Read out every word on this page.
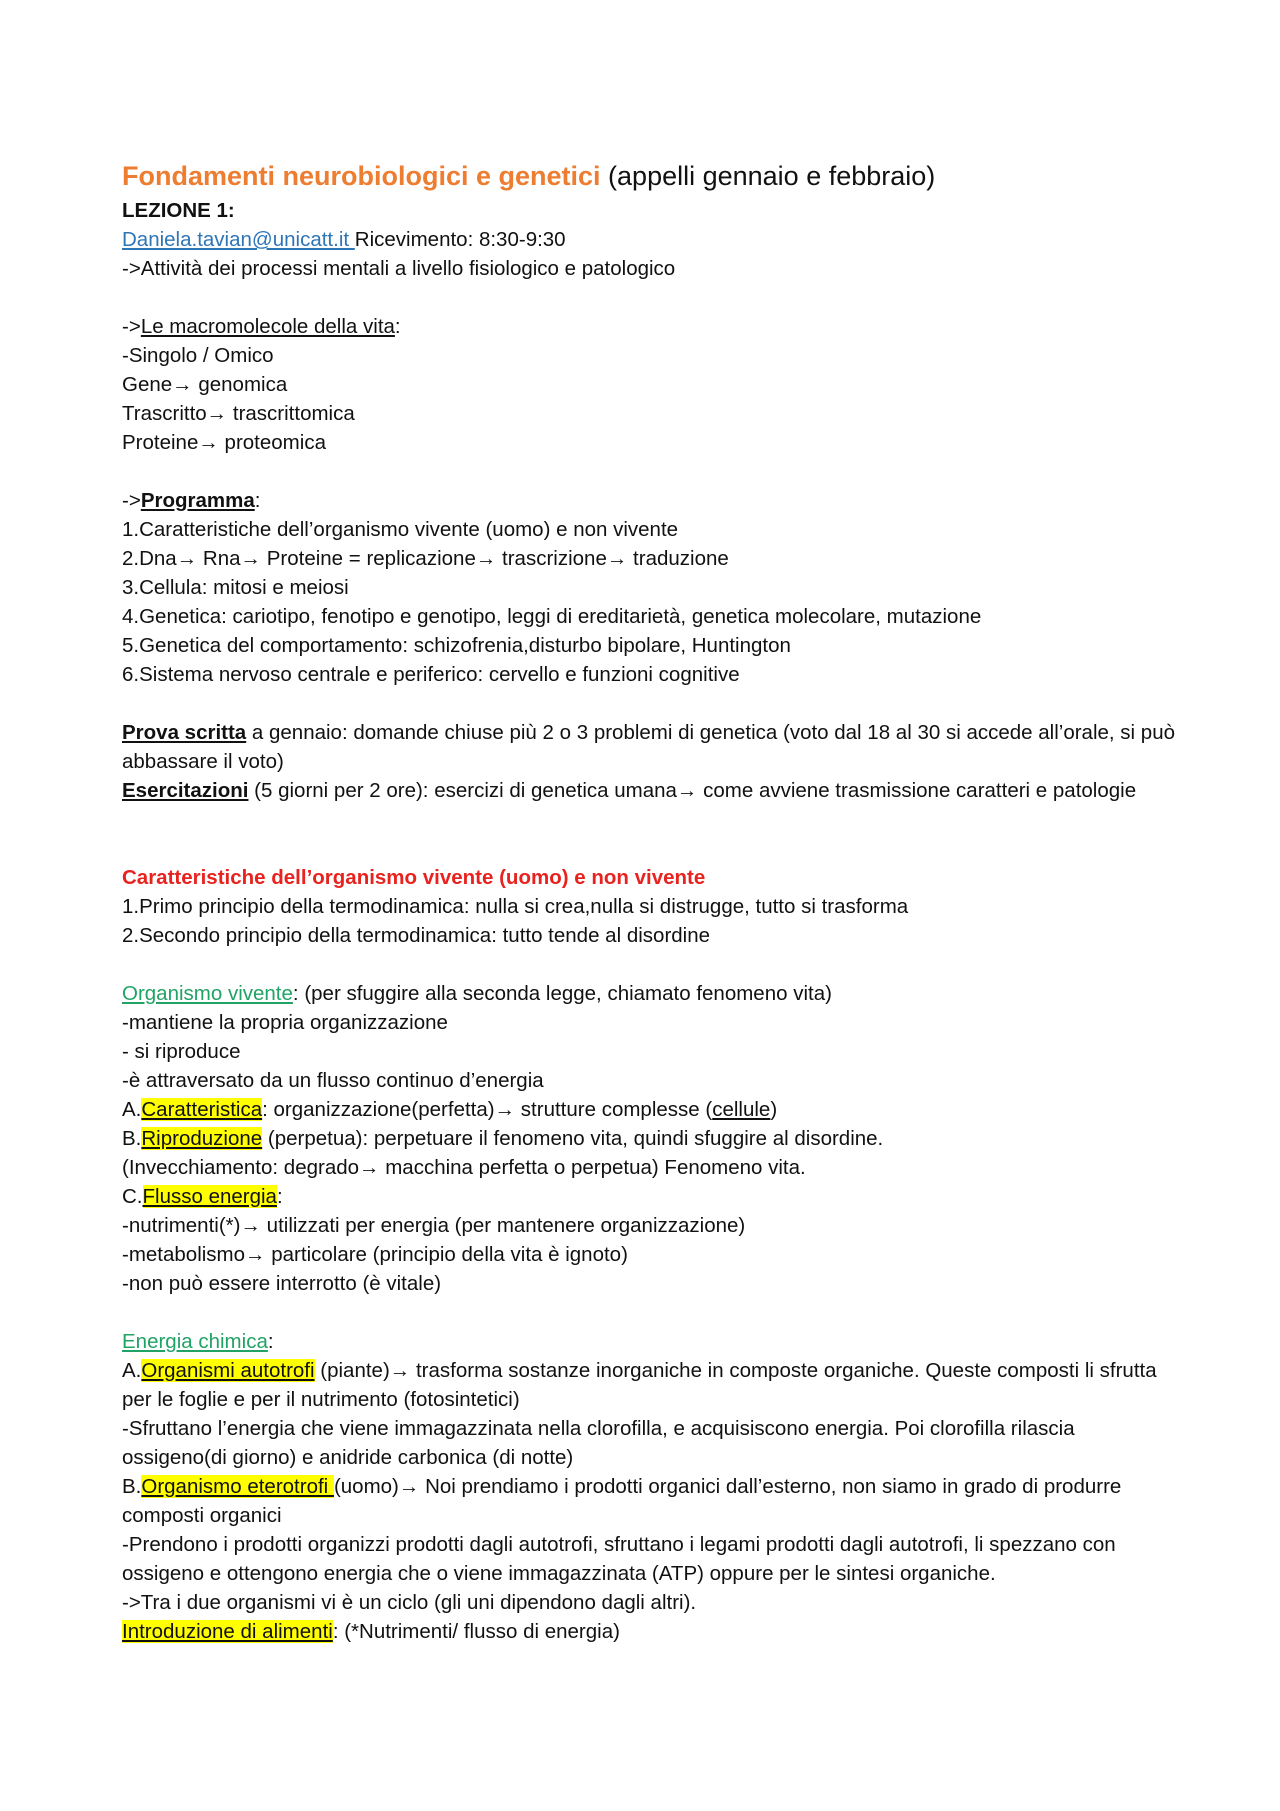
Fondamenti neurobiologici e genetici (appelli gennaio e febbraio)

LEZIONE 1:

Daniela.tavian@unicatt.it Ricevimento: 8:30-9:30

->Attività dei processi mentali a livello fisiologico e patologico

->Le macromolecole della vita:

-Singolo / Omico

Gene→ genomica

Trascritto→ trascrittomica

Proteine→ proteomica

->Programma:

1.Caratteristiche dell’organismo vivente (uomo) e non vivente

2.Dna→ Rna→ Proteine = replicazione→ trascrizione→ traduzione

3.Cellula: mitosi e meiosi

4.Genetica: cariotipo, fenotipo e genotipo, leggi di ereditarietà, genetica molecolare, mutazione

5.Genetica del comportamento: schizofrenia,disturbo bipolare, Huntington

6.Sistema nervoso centrale e periferico: cervello e funzioni cognitive

Prova scritta a gennaio: domande chiuse più 2 o 3 problemi di genetica (voto dal 18 al 30 si accede all’orale, si può abbassare il voto)

Esercitazioni (5 giorni per 2 ore): esercizi di genetica umana→ come avviene trasmissione caratteri e patologie

Caratteristiche dell’organismo vivente (uomo) e non vivente

1.Primo principio della termodinamica: nulla si crea,nulla si distrugge, tutto si trasforma

2.Secondo principio della termodinamica: tutto tende al disordine

Organismo vivente: (per sfuggire alla seconda legge, chiamato fenomeno vita)

-mantiene la propria organizzazione

- si riproduce

-è attraversato da un flusso continuo d’energia

A.Caratteristica: organizzazione(perfetta)→ strutture complesse (cellule)

B.Riproduzione (perpetua): perpetuare il fenomeno vita, quindi sfuggire al disordine.

(Invecchiamento: degrado→ macchina perfetta o perpetua) Fenomeno vita.

C.Flusso energia:

-nutrimenti(*)→ utilizzati per energia (per mantenere organizzazione)

-metabolismo→ particolare (principio della vita è ignoto)

-non può essere interrotto (è vitale)

Energia chimica:

A.Organismi autotrofi (piante)→ trasforma sostanze inorganiche in composte organiche. Queste composti li sfrutta per le foglie e per il nutrimento (fotosintetici)

-Sfruttano l’energia che viene immagazzinata nella clorofilla, e acquisiscono energia. Poi clorofilla rilascia ossigeno(di giorno) e anidride carbonica (di notte)

B.Organismo eterotrofi (uomo)→ Noi prendiamo i prodotti organici dall’esterno, non siamo in grado di produrre composti organici

-Prendono i prodotti organizzi prodotti dagli autotrofi, sfruttano i legami prodotti dagli autotrofi, li spezzano con ossigeno e ottengono energia che o viene immagazzinata (ATP) oppure per le sintesi organiche.

->Tra i due organismi vi è un ciclo (gli uni dipendono dagli altri).

Introduzione di alimenti: (*Nutrimenti/ flusso di energia)
